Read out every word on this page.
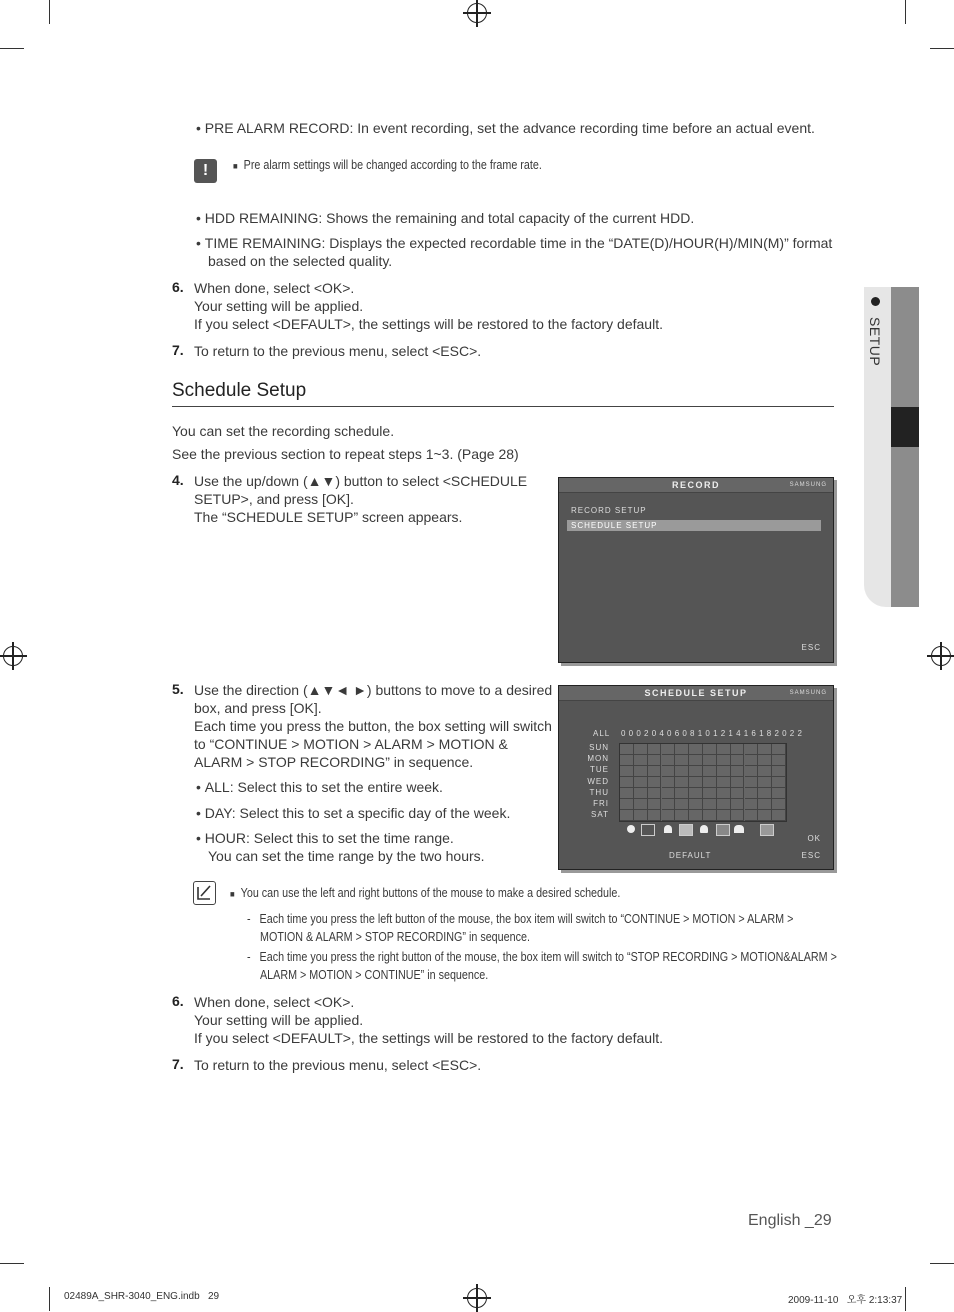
SETUP
• PRE ALARM RECORD: In event recording, set the advance recording time before an actual event.
!	■ Pre alarm settings will be changed according to the frame rate.
• HDD REMAINING: Shows the remaining and total capacity of the current HDD.
• TIME REMAINING: Displays the expected recordable time in the “DATE(D)/HOUR(H)/MIN(M)” format
based on the selected quality.
6. When done, select <OK>.
Your setting will be applied.
If you select <DEFAULT>, the settings will be restored to the factory default.
7. To return to the previous menu, select <ESC>.
Schedule Setup
You can set the recording schedule.
See the previous section to repeat steps 1~3. (Page 28)
4. Use the up/down (▲▼) button to select <SCHEDULE
SETUP>, and press [OK].
The “SCHEDULE SETUP” screen appears.
RECORD	SAMSUNG
RECORD SETUP
SCHEDULE SETUP
ESC
5. Use the direction (▲▼◄ ►) buttons to move to a desired
box, and press [OK].
Each time you press the button, the box setting will switch
to “CONTINUE > MOTION > ALARM > MOTION &
ALARM > STOP RECORDING” in sequence.
• ALL: Select this to set the entire week.
• DAY: Select this to set a specific day of the week.
• HOUR: Select this to set the time range.
You can set the time range by the two hours.
SCHEDULE SETUP	SAMSUNG
ALL 0 0 0 2 0 4 0 6 0 8 1 0 1 2 1 4 1 6 1 8 2 0 2 2
SUN
MON
TUE
WED
THU
FRI
SAT
OK
DEFAULT	ESC
■ You can use the left and right buttons of the mouse to make a desired schedule.
-   Each time you press the left button of the mouse, the box item will switch to “CONTINUE > MOTION > ALARM >
MOTION & ALARM > STOP RECORDING” in sequence.
-   Each time you press the right button of the mouse, the box item will switch to “STOP RECORDING > MOTION&ALARM >
ALARM > MOTION > CONTINUE” in sequence.
6. When done, select <OK>.
Your setting will be applied.
If you select <DEFAULT>, the settings will be restored to the factory default.
7. To return to the previous menu, select <ESC>.
English _29
02489A_SHR-3040_ENG.indb   29	2009-11-10   오후 2:13:37
